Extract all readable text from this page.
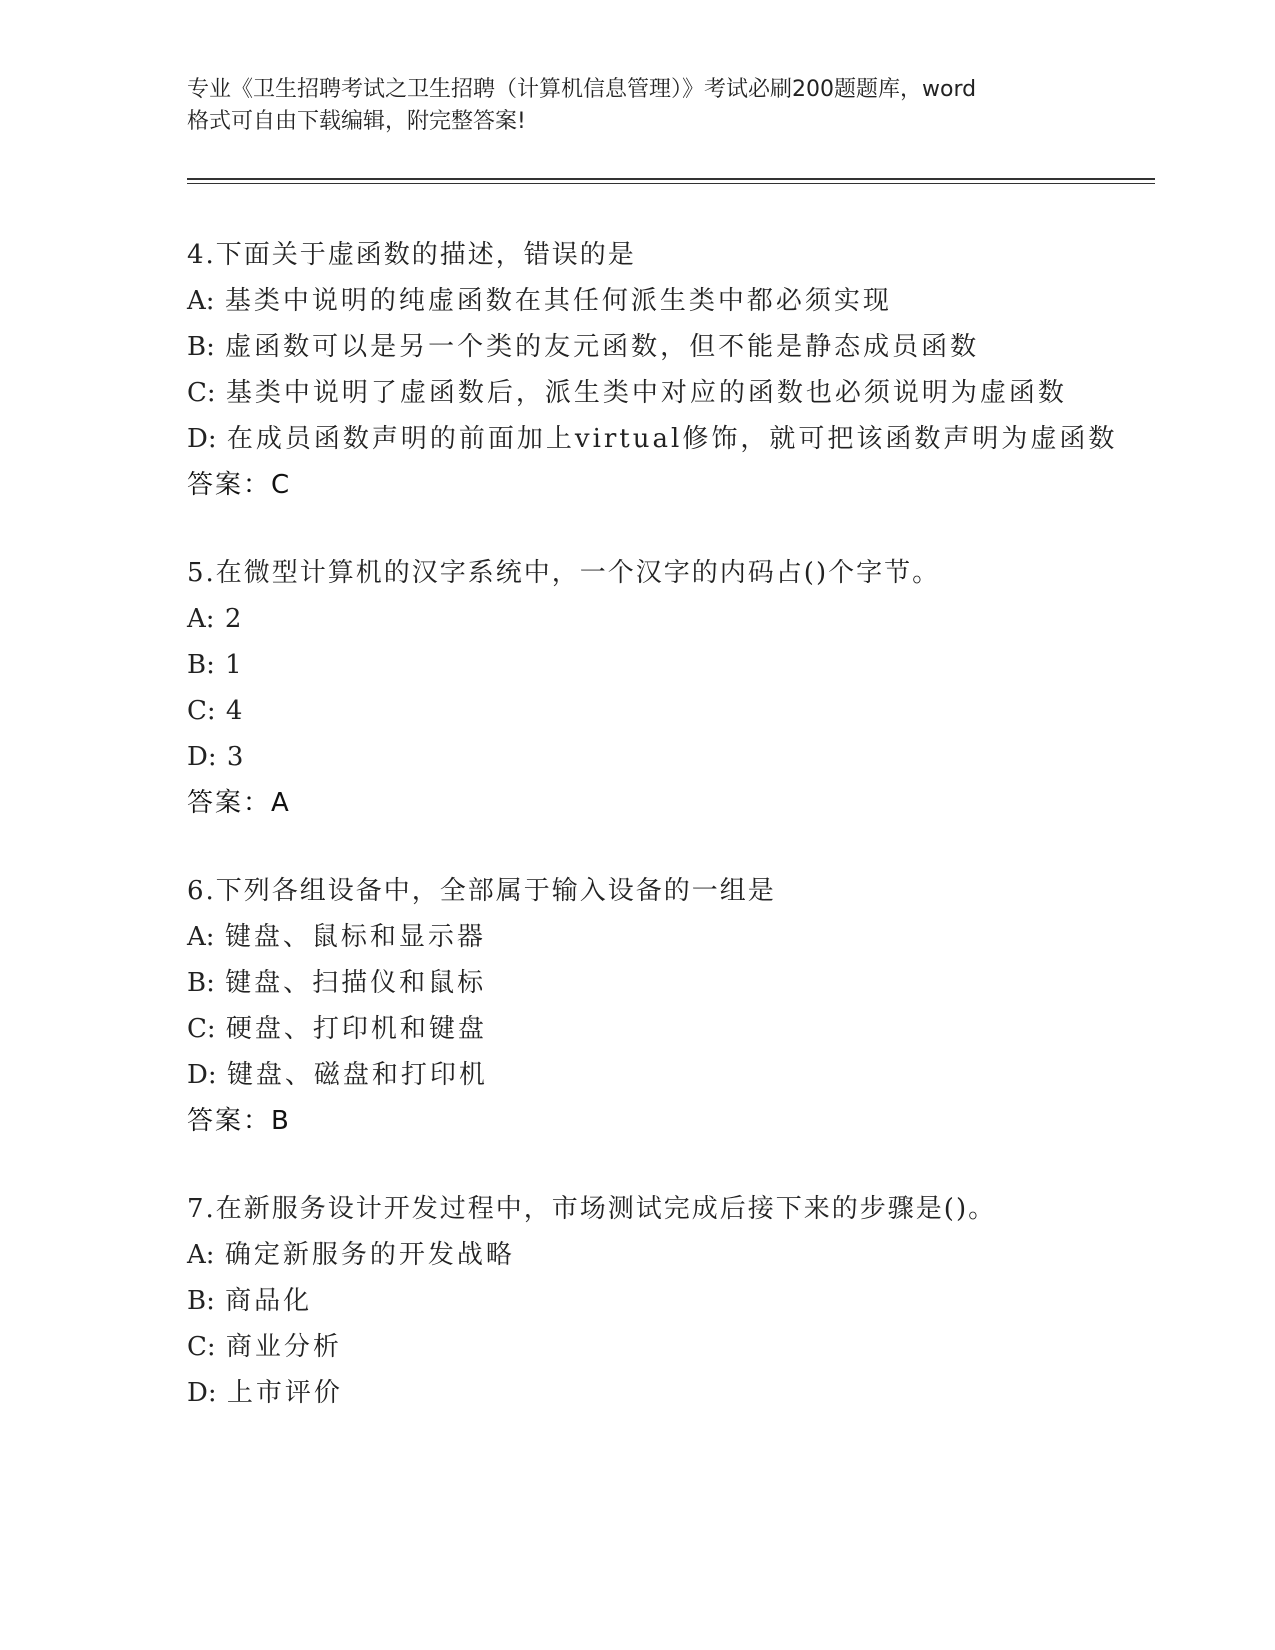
专业《卫生招聘考试之卫生招聘（计算机信息管理）》考试必刷200题题库，word
格式可自由下载编辑，附完整答案!
4.下面关于虚函数的描述，错误的是
A: 基类中说明的纯虚函数在其任何派生类中都必须实现
B: 虚函数可以是另一个类的友元函数，但不能是静态成员函数
C: 基类中说明了虚函数后，派生类中对应的函数也必须说明为虚函数
D: 在成员函数声明的前面加上virtual修饰，就可把该函数声明为虚函数
答案：C
5.在微型计算机的汉字系统中，一个汉字的内码占()个字节。
A: 2
B: 1
C: 4
D: 3
答案：A
6.下列各组设备中，全部属于输入设备的一组是
A: 键盘、鼠标和显示器
B: 键盘、扫描仪和鼠标
C: 硬盘、打印机和键盘
D: 键盘、磁盘和打印机
答案：B
7.在新服务设计开发过程中，市场测试完成后接下来的步骤是()。
A: 确定新服务的开发战略
B: 商品化
C: 商业分析
D: 上市评价
